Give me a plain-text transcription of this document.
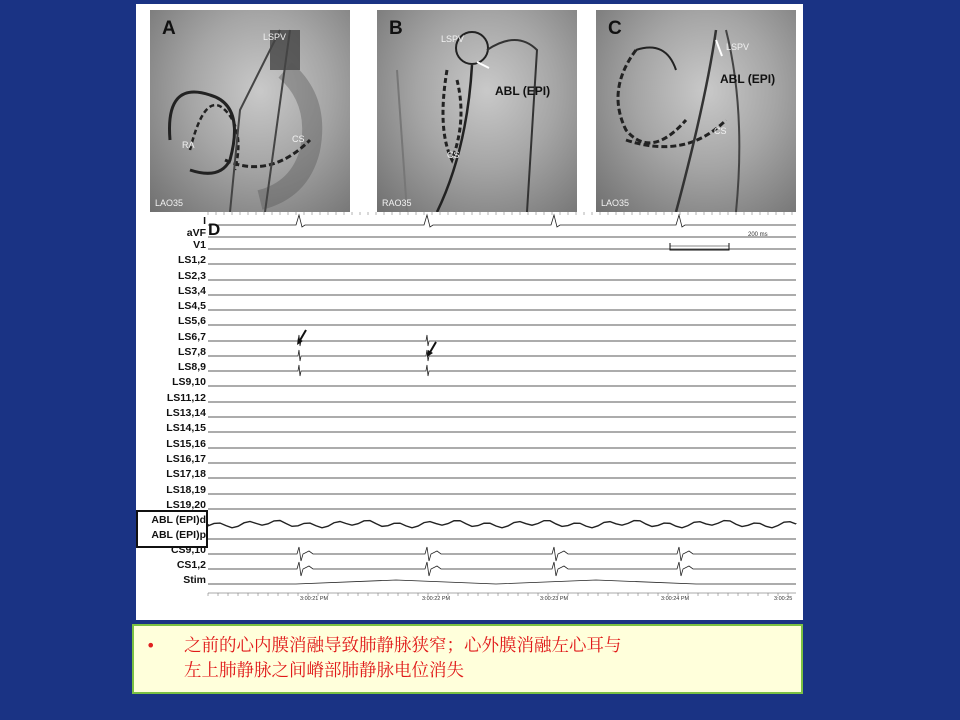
A	LSPV
RA
CS
LAO35
B	LSPV
CS
ABL (EPI)
RAO35
C
LSPV
CS
ABL (EPI)
LAO35
D	200 ms
I
aVF
V1
LS1,2
LS2,3
LS3,4
LS4,5
LS5,6
LS6,7
LS7,8
LS8,9
LS9,10
LS11,12
LS13,14
LS14,15
LS15,16
LS16,17
LS17,18
LS18,19
LS19,20
ABL (EPI)d
ABL (EPI)p
CS9,10
CS1,2
Stim
3:00:21 PM	3:00:22 PM	3:00:23 PM	3:00:24 PM	3:00:25
• 之前的心内膜消融导致肺静脉狭窄；心外膜消融左心耳与
左上肺静脉之间嵴部肺静脉电位消失
